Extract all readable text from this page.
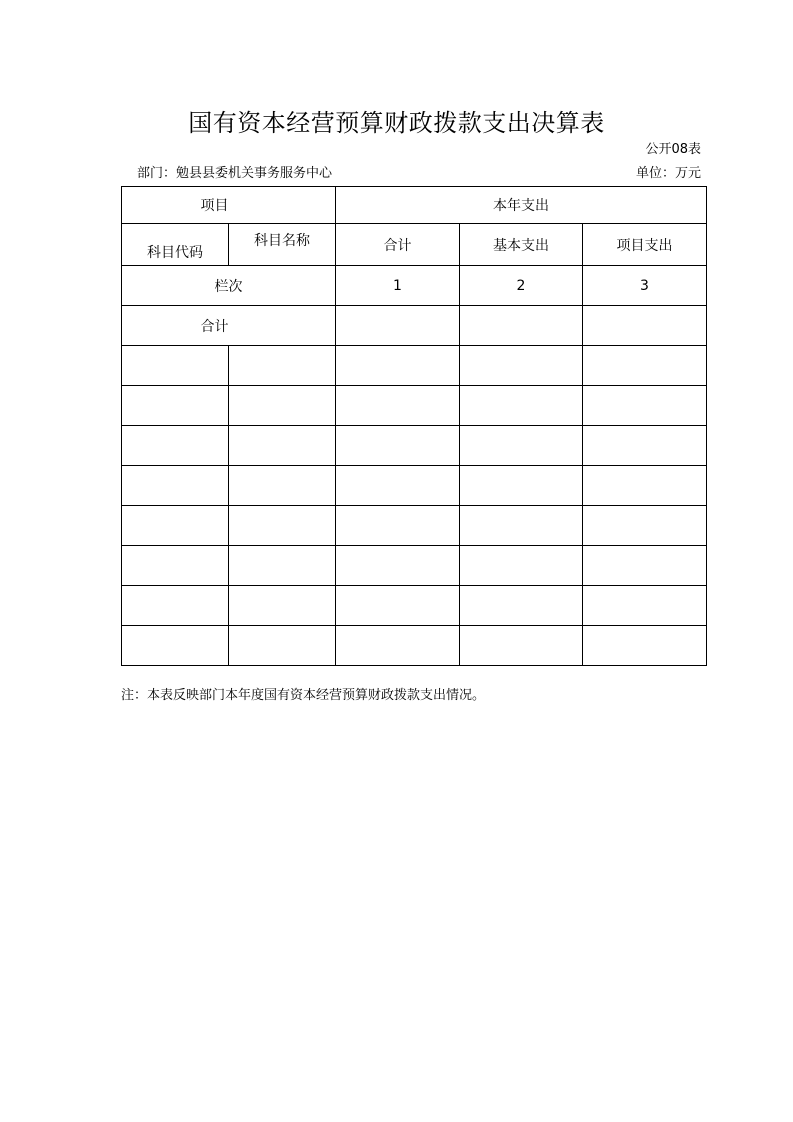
国有资本经营预算财政拨款支出决算表
公开08表
部门：勉县县委机关事务服务中心	单位：万元
项目		本年支出		

科目代码	科目名称	合计	基本支出	项目支出
栏次		1	2	3
合计				

注：本表反映部门本年度国有资本经营预算财政拨款支出情况。
